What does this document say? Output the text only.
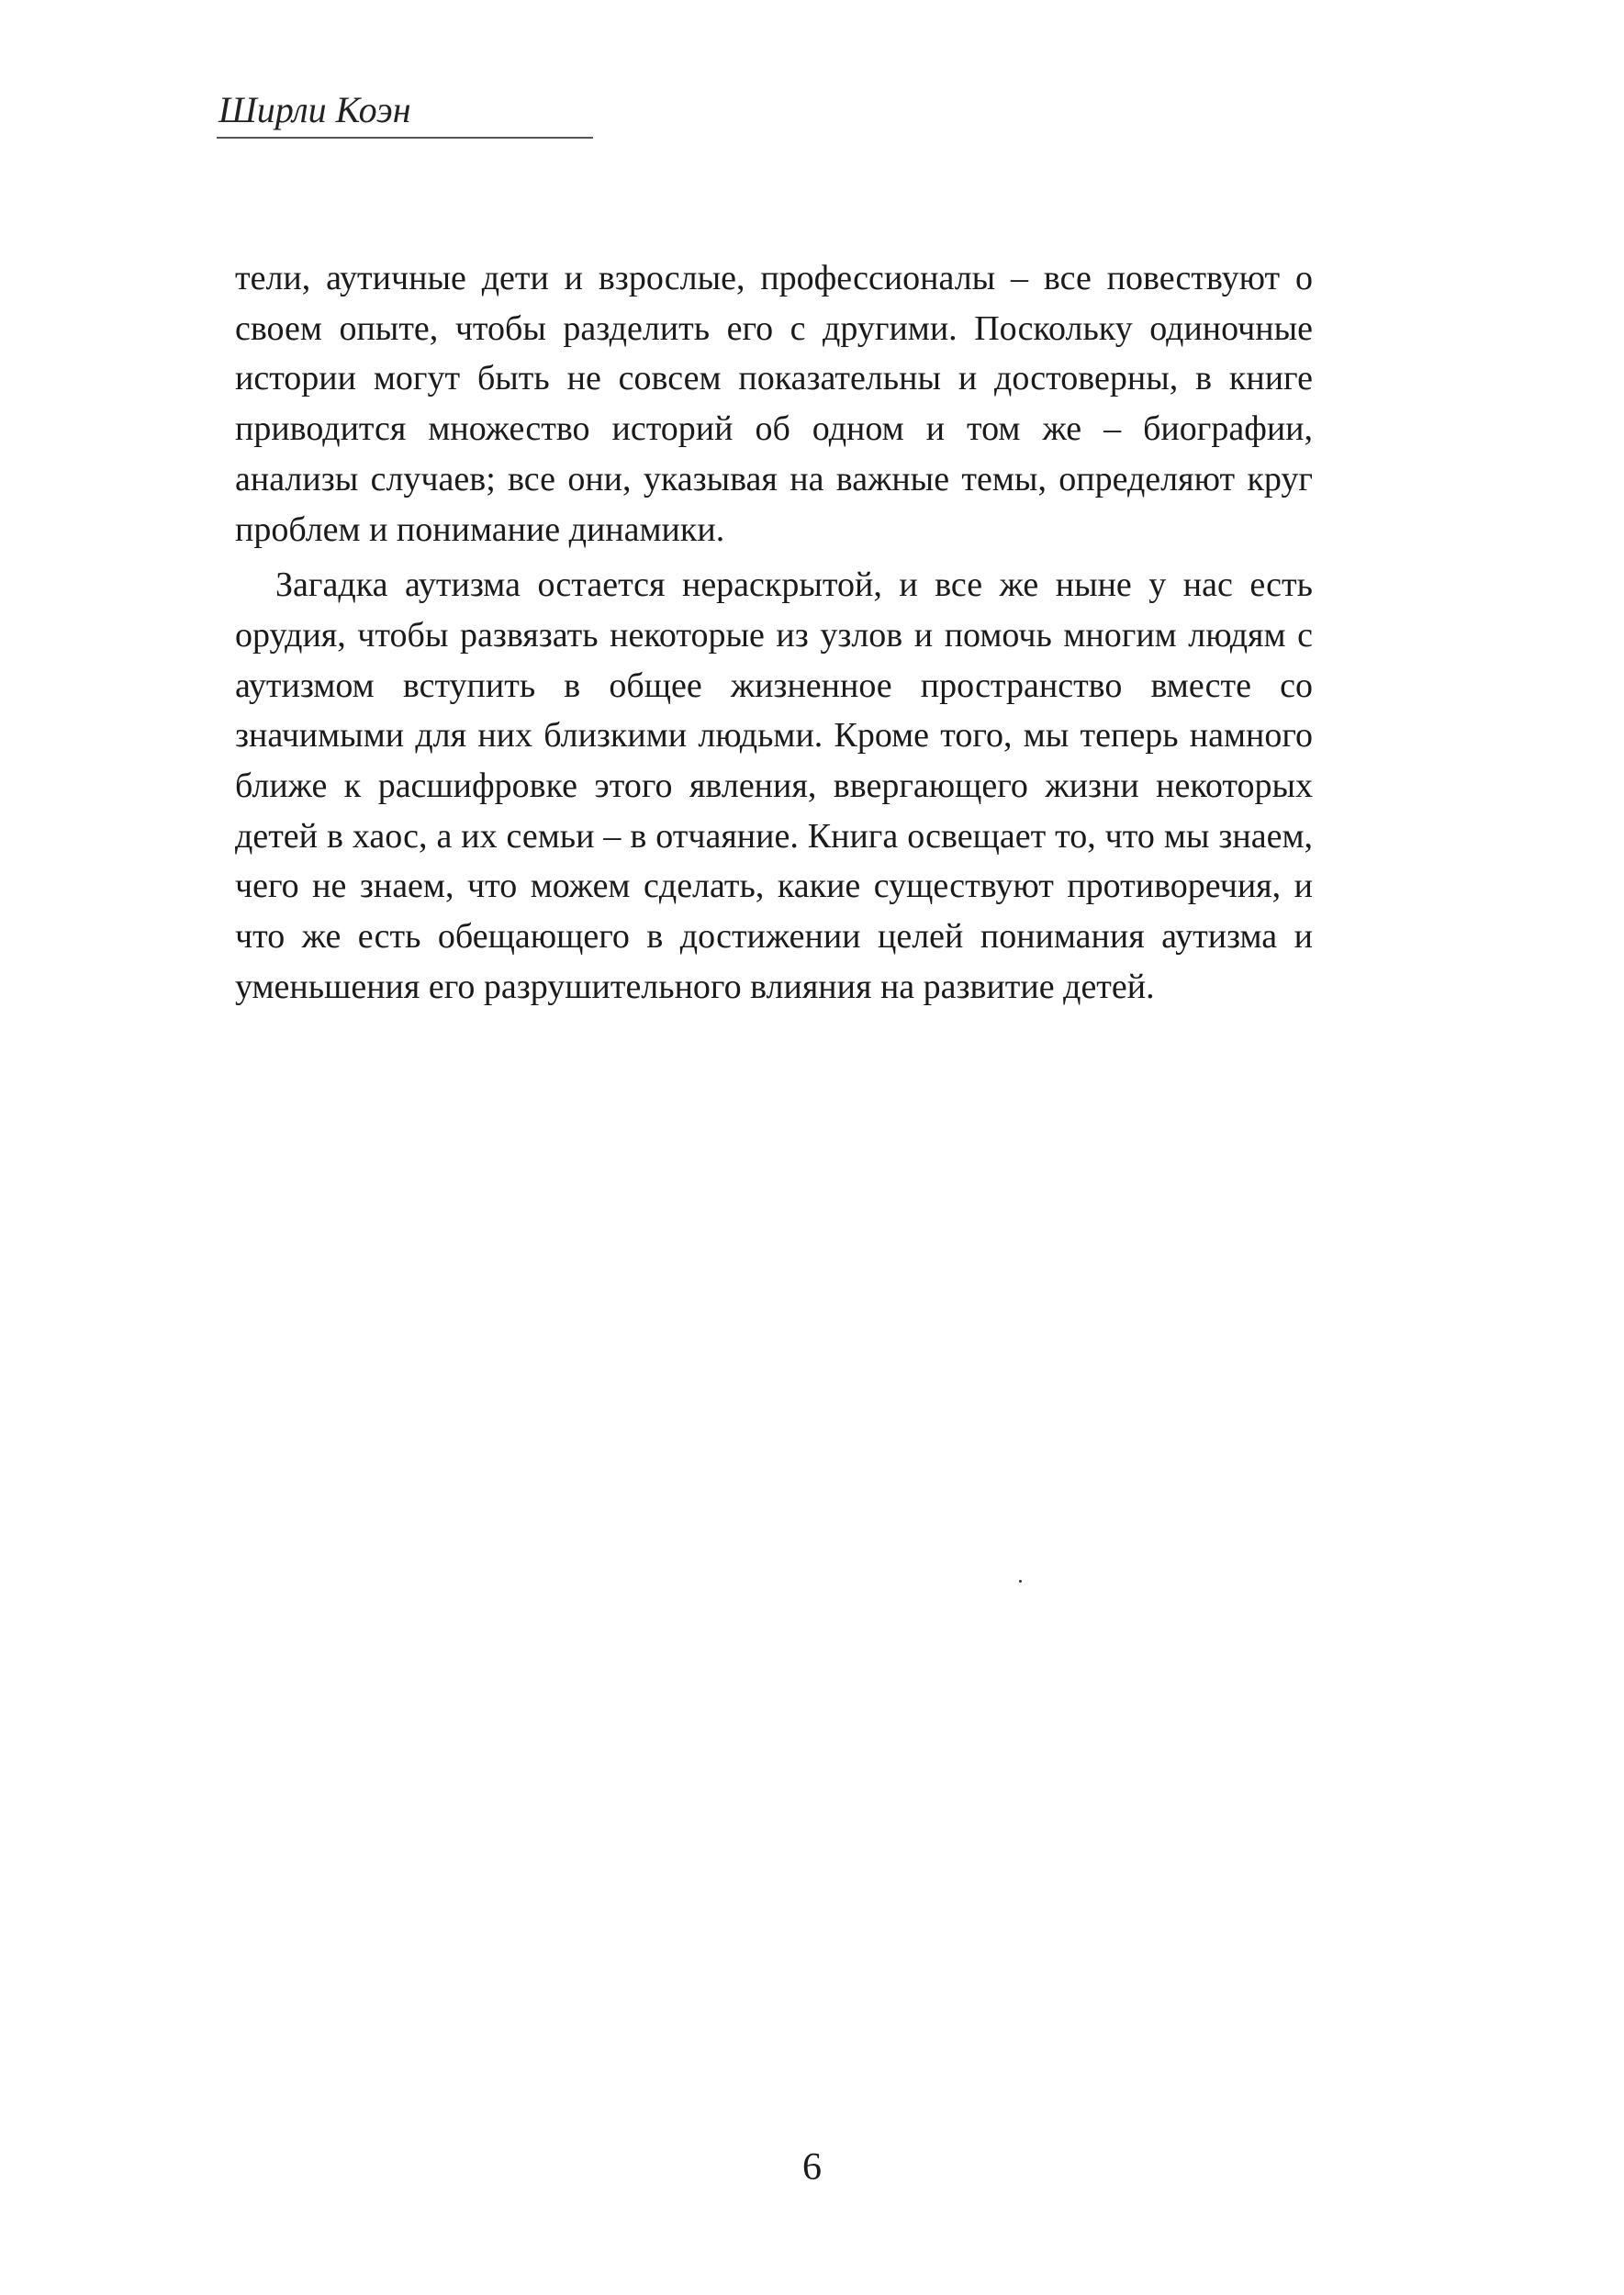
Ширли Коэн

тели, аутичные дети и взрослые, профессионалы – все повествуют о своем опыте, чтобы разделить его с другими. Поскольку одиночные истории могут быть не совсем показательны и достоверны, в книге приводится множество историй об одном и том же – биографии, анализы случаев; все они, указывая на важные темы, определяют круг проблем и понимание динамики.

Загадка аутизма остается нераскрытой, и все же ныне у нас есть орудия, чтобы развязать некоторые из узлов и помочь многим людям с аутизмом вступить в общее жизненное пространство вместе со значимыми для них близкими людьми. Кроме того, мы теперь намного ближе к расшифровке этого явления, ввергающего жизни некоторых детей в хаос, а их семьи – в отчаяние. Книга освещает то, что мы знаем, чего не знаем, что можем сделать, какие существуют противоречия, и что же есть обещающего в достижении целей понимания аутизма и уменьшения его разрушительного влияния на развитие детей.

6
